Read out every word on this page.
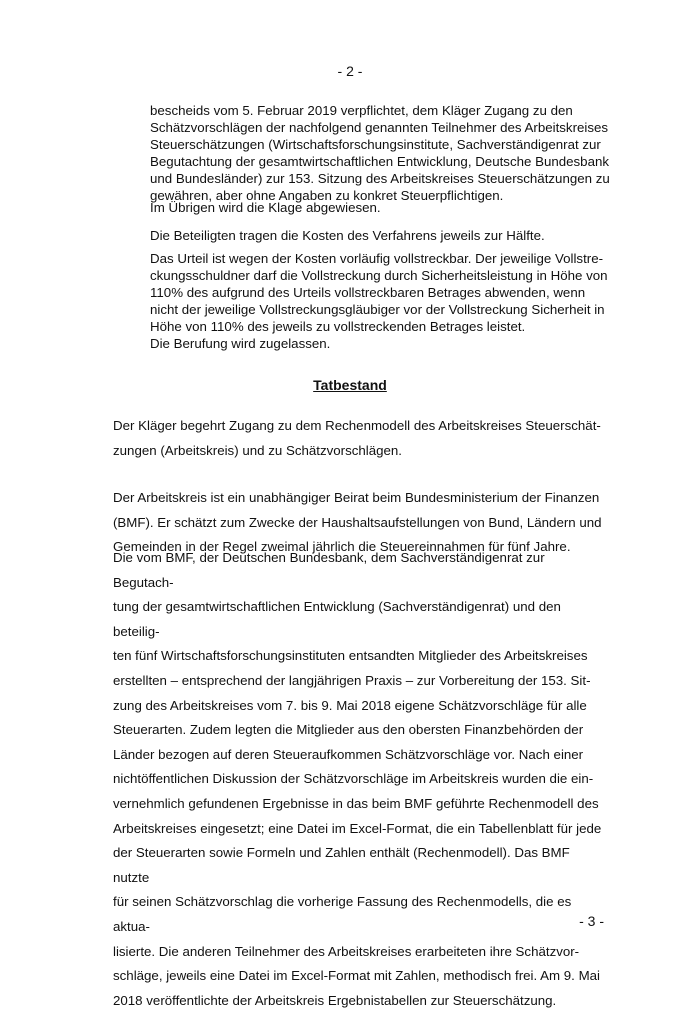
- 2 -

bescheids vom 5. Februar 2019 verpflichtet, dem Kläger Zugang zu den

Schätzvorschlägen der nachfolgend genannten Teilnehmer des Arbeitskreises

Steuerschätzungen (Wirtschaftsforschungsinstitute, Sachverständigenrat zur

Begutachtung der gesamtwirtschaftlichen Entwicklung, Deutsche Bundesbank

und Bundesländer) zur 153. Sitzung des Arbeitskreises Steuerschätzungen zu

gewähren, aber ohne Angaben zu konkret Steuerpflichtigen.

Im Übrigen wird die Klage abgewiesen.

Die Beteiligten tragen die Kosten des Verfahrens jeweils zur Hälfte.

Das Urteil ist wegen der Kosten vorläufig vollstreckbar. Der jeweilige Vollstre-

ckungsschuldner darf die Vollstreckung durch Sicherheitsleistung in Höhe von

110% des aufgrund des Urteils vollstreckbaren Betrages abwenden, wenn

nicht der jeweilige Vollstreckungsgläubiger vor der Vollstreckung Sicherheit in

Höhe von 110% des jeweils zu vollstreckenden Betrages leistet.

Die Berufung wird zugelassen.

Tatbestand
Der Kläger begehrt Zugang zu dem Rechenmodell des Arbeitskreises Steuerschät-
zungen (Arbeitskreis) und zu Schätzvorschlägen.
Der Arbeitskreis ist ein unabhängiger Beirat beim Bundesministerium der Finanzen
(BMF). Er schätzt zum Zwecke der Haushaltsaufstellungen von Bund, Ländern und
Gemeinden in der Regel zweimal jährlich die Steuereinnahmen für fünf Jahre.
Die vom BMF, der Deutschen Bundesbank, dem Sachverständigenrat zur Begutach-
tung der gesamtwirtschaftlichen Entwicklung (Sachverständigenrat) und den beteilig-
ten fünf Wirtschaftsforschungsinstituten entsandten Mitglieder des Arbeitskreises
erstellten – entsprechend der langjährigen Praxis – zur Vorbereitung der 153. Sit-
zung des Arbeitskreises vom 7. bis 9. Mai 2018 eigene Schätzvorschläge für alle
Steuerarten. Zudem legten die Mitglieder aus den obersten Finanzbehörden der
Länder bezogen auf deren Steueraufkommen Schätzvorschläge vor. Nach einer
nichtöffentlichen Diskussion der Schätzvorschläge im Arbeitskreis wurden die ein-
vernehmlich gefundenen Ergebnisse in das beim BMF geführte Rechenmodell des
Arbeitskreises eingesetzt; eine Datei im Excel-Format, die ein Tabellenblatt für jede
der Steuerarten sowie Formeln und Zahlen enthält (Rechenmodell). Das BMF nutzte
für seinen Schätzvorschlag die vorherige Fassung des Rechenmodells, die es aktua-
lisierte. Die anderen Teilnehmer des Arbeitskreises erarbeiteten ihre Schätzvor-
schläge, jeweils eine Datei im Excel-Format mit Zahlen, methodisch frei. Am 9. Mai
2018 veröffentlichte der Arbeitskreis Ergebnistabellen zur Steuerschätzung.
- 3 -
